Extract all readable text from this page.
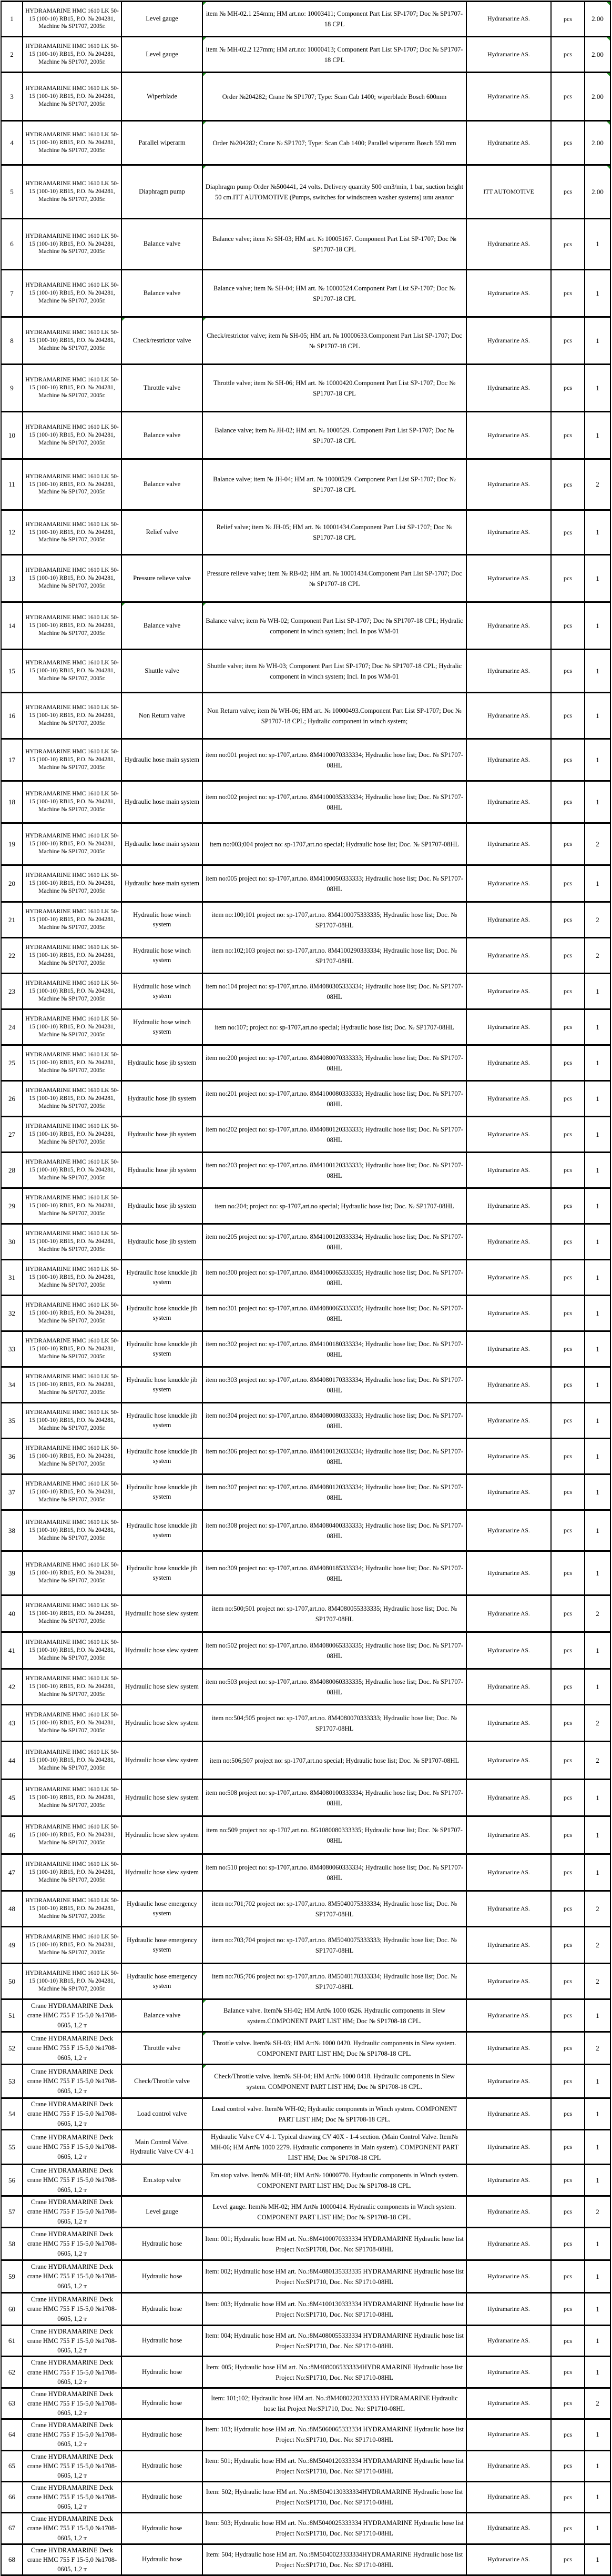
1	HYDRAMARINE HMC 1610 LK 50-15 (100-10) RB15, P.O. № 204281, Machine № SP1707, 2005г.	Level gauge	item № MH-02.1 254mm; HM art.no: 10003411; Component Part List SP-1707; Doc № SP1707-18 CPL	Hydramarine AS.	pcs	2.00

2	HYDRAMARINE HMC 1610 LK 50-15 (100-10) RB15, P.O. № 204281, Machine № SP1707, 2005г.	Level gauge	item № MH-02.2 127mm; HM art.no: 10000413; Component Part List SP-1707; Doc № SP1707-18 CPL	Hydramarine AS.	pcs	2.00

3	HYDRAMARINE HMC 1610 LK 50-15 (100-10) RB15, P.O. № 204281, Machine № SP1707, 2005г.	Wiperblade	Order №204282; Crane № SP1707; Type: Scan Cab 1400; wiperblade Bosch 600mm	Hydramarine AS.	pcs	2.00

4	HYDRAMARINE HMC 1610 LK 50-15 (100-10) RB15, P.O. № 204281, Machine № SP1707, 2005г.	Parallel wiperarm	Order №204282; Crane № SP1707; Type: Scan Cab 1400; Parallel wiperarm Bosch 550 mm	Hydramarine AS.	pcs	2.00

5	HYDRAMARINE HMC 1610 LK 50-15 (100-10) RB15, P.O. № 204281, Machine № SP1707, 2005г.	Diaphragm pump	Diaphragm pump Order №500441, 24 volts. Delivery quantity 500 cm3/min, 1 bar, suction height 50 cm.ITT AUTOMOTIVE (Pumps, switches for windscreen washer systems) или аналог	ITT AUTOMOTIVE	pcs	2.00

6	HYDRAMARINE HMC 1610 LK 50-15 (100-10) RB15, P.O. № 204281, Machine № SP1707, 2005г.	Balance valve	Balance valve; item № SH-03; HM art. № 10005167. Component Part List SP-1707; Doc № SP1707-18 CPL	Hydramarine AS.	pcs	1
7	HYDRAMARINE HMC 1610 LK 50-15 (100-10) RB15, P.O. № 204281, Machine № SP1707, 2005г.	Balance valve	Balance valve; item № SH-04; HM art. № 10000524.Component Part List SP-1707; Doc № SP1707-18 CPL	Hydramarine AS.	pcs	1
8	HYDRAMARINE HMC 1610 LK 50-15 (100-10) RB15, P.O. № 204281, Machine № SP1707, 2005г.	Check/restrictor valve	Check/restrictor valve; item № SH-05; HM art. № 10000633.Component Part List SP-1707; Doc № SP1707-18 CPL	Hydramarine AS.	pcs	1
9	HYDRAMARINE HMC 1610 LK 50-15 (100-10) RB15, P.O. № 204281, Machine № SP1707, 2005г.	Throttle valve	Throttle valve; item № SH-06; HM art. № 10000420.Component Part List SP-1707; Doc № SP1707-18 CPL	Hydramarine AS.	pcs	1
10	HYDRAMARINE HMC 1610 LK 50-15 (100-10) RB15, P.O. № 204281, Machine № SP1707, 2005г.	Balance valve	Balance valve; item № JH-02; HM art. № 1000529. Component Part List SP-1707; Doc № SP1707-18 CPL	Hydramarine AS.	pcs	1
11	HYDRAMARINE HMC 1610 LK 50-15 (100-10) RB15, P.O. № 204281, Machine № SP1707, 2005г.	Balance valve	Balance valve; item № JH-04; HM art. № 10000529. Component Part List SP-1707; Doc № SP1707-18 CPL	Hydramarine AS.	pcs	2
12	HYDRAMARINE HMC 1610 LK 50-15 (100-10) RB15, P.O. № 204281, Machine № SP1707, 2005г.	Relief valve	Relief valve; item № JH-05; HM art. № 10001434.Component Part List SP-1707; Doc № SP1707-18 CPL	Hydramarine AS.	pcs	1
13	HYDRAMARINE HMC 1610 LK 50-15 (100-10) RB15, P.O. № 204281, Machine № SP1707, 2005г.	Pressure relieve valve	Pressure relieve valve; item № RB-02; HM art. № 10001434.Component Part List SP-1707; Doc № SP1707-18 CPL	Hydramarine AS.	pcs	1
14	HYDRAMARINE HMC 1610 LK 50-15 (100-10) RB15, P.O. № 204281, Machine № SP1707, 2005г.	Balance valve	Balance valve; item № WH-02; Component Part List SP-1707; Doc № SP1707-18 CPL; Hydralic component in winch system; Incl. In pos WM-01	Hydramarine AS.	pcs	1
15	HYDRAMARINE HMC 1610 LK 50-15 (100-10) RB15, P.O. № 204281, Machine № SP1707, 2005г.	Shuttle valve	Shuttle valve; item № WH-03; Component Part List SP-1707; Doc № SP1707-18 CPL; Hydralic component in winch system; Incl. In pos WM-01	Hydramarine AS.	pcs	1
16	HYDRAMARINE HMC 1610 LK 50-15 (100-10) RB15, P.O. № 204281, Machine № SP1707, 2005г.	Non Return valve	Non Return valve; item № WH-06; HM art. № 10000493.Component Part List SP-1707; Doc № SP1707-18 CPL; Hydralic component in winch system;	Hydramarine AS.	pcs	1
17	HYDRAMARINE HMC 1610 LK 50-15 (100-10) RB15, P.O. № 204281, Machine № SP1707, 2005г.	Hydraulic hose main system	item no:001 project no: sp-1707,art.no. 8M4100070333334; Hydraulic hose list; Doc. № SP1707-08HL	Hydramarine AS.	pcs	1
18	HYDRAMARINE HMC 1610 LK 50-15 (100-10) RB15, P.O. № 204281, Machine № SP1707, 2005г.	Hydraulic hose main system	item no:002 project no: sp-1707,art.no. 8M4100035333334; Hydraulic hose list; Doc. № SP1707-08HL	Hydramarine AS.	pcs	1
19	HYDRAMARINE HMC 1610 LK 50-15 (100-10) RB15, P.O. № 204281, Machine № SP1707, 2005г.	Hydraulic hose main system	item no:003;004 project no: sp-1707,art.no special; Hydraulic hose list; Doc. № SP1707-08HL	Hydramarine AS.	pcs	2
20	HYDRAMARINE HMC 1610 LK 50-15 (100-10) RB15, P.O. № 204281, Machine № SP1707, 2005г.	Hydraulic hose main system	item no:005 project no: sp-1707,art.no. 8M4100050333333; Hydraulic hose list; Doc. № SP1707-08HL	Hydramarine AS.	pcs	1
21	HYDRAMARINE HMC 1610 LK 50-15 (100-10) RB15, P.O. № 204281, Machine № SP1707, 2005г.	Hydraulic hose winch system	item no:100;101 project no: sp-1707,art.no. 8M4100075333335; Hydraulic hose list; Doc. № SP1707-08HL	Hydramarine AS.	pcs	2
22	HYDRAMARINE HMC 1610 LK 50-15 (100-10) RB15, P.O. № 204281, Machine № SP1707, 2005г.	Hydraulic hose winch system	item no:102;103 project no: sp-1707,art.no. 8M4100290333334; Hydraulic hose list; Doc. № SP1707-08HL	Hydramarine AS.	pcs	2
23	HYDRAMARINE HMC 1610 LK 50-15 (100-10) RB15, P.O. № 204281, Machine № SP1707, 2005г.	Hydraulic hose winch system	item no:104 project no: sp-1707,art.no. 8M4080305333334; Hydraulic hose list; Doc. № SP1707-08HL	Hydramarine AS.	pcs	1
24	HYDRAMARINE HMC 1610 LK 50-15 (100-10) RB15, P.O. № 204281, Machine № SP1707, 2005г.	Hydraulic hose winch system	item no:107; project no: sp-1707,art.no special; Hydraulic hose list; Doc. № SP1707-08HL	Hydramarine AS.	pcs	1
25	HYDRAMARINE HMC 1610 LK 50-15 (100-10) RB15, P.O. № 204281, Machine № SP1707, 2005г.	Hydraulic hose jib system	item no:200 project no: sp-1707,art.no. 8M4080070333333; Hydraulic hose list; Doc. № SP1707-08HL	Hydramarine AS.	pcs	1
26	HYDRAMARINE HMC 1610 LK 50-15 (100-10) RB15, P.O. № 204281, Machine № SP1707, 2005г.	Hydraulic hose jib system	item no:201 project no: sp-1707,art.no. 8M4100080333333; Hydraulic hose list; Doc. № SP1707-08HL	Hydramarine AS.	pcs	1
27	HYDRAMARINE HMC 1610 LK 50-15 (100-10) RB15, P.O. № 204281, Machine № SP1707, 2005г.	Hydraulic hose jib system	item no:202 project no: sp-1707,art.no. 8M4080120333333; Hydraulic hose list; Doc. № SP1707-08HL	Hydramarine AS.	pcs	1
28	HYDRAMARINE HMC 1610 LK 50-15 (100-10) RB15, P.O. № 204281, Machine № SP1707, 2005г.	Hydraulic hose jib system	item no:203 project no: sp-1707,art.no. 8M4100120333333; Hydraulic hose list; Doc. № SP1707-08HL	Hydramarine AS.	pcs	1
29	HYDRAMARINE HMC 1610 LK 50-15 (100-10) RB15, P.O. № 204281, Machine № SP1707, 2005г.	Hydraulic hose jib system	item no:204; project no: sp-1707,art.no special; Hydraulic hose list; Doc. № SP1707-08HL	Hydramarine AS.	pcs	1
30	HYDRAMARINE HMC 1610 LK 50-15 (100-10) RB15, P.O. № 204281, Machine № SP1707, 2005г.	Hydraulic hose jib system	item no:205 project no: sp-1707,art.no. 8M4100120333334; Hydraulic hose list; Doc. № SP1707-08HL	Hydramarine AS.	pcs	1
31	HYDRAMARINE HMC 1610 LK 50-15 (100-10) RB15, P.O. № 204281, Machine № SP1707, 2005г.	Hydraulic hose knuckle jib system	item no:300 project no: sp-1707,art.no. 8M4100065333335; Hydraulic hose list; Doc. № SP1707-08HL	Hydramarine AS.	pcs	1
32	HYDRAMARINE HMC 1610 LK 50-15 (100-10) RB15, P.O. № 204281, Machine № SP1707, 2005г.	Hydraulic hose knuckle jib system	item no:301 project no: sp-1707,art.no. 8M4080065333335; Hydraulic hose list; Doc. № SP1707-08HL	Hydramarine AS.	pcs	1
33	HYDRAMARINE HMC 1610 LK 50-15 (100-10) RB15, P.O. № 204281, Machine № SP1707, 2005г.	Hydraulic hose knuckle jib system	item no:302 project no: sp-1707,art.no. 8M4100180333334; Hydraulic hose list; Doc. № SP1707-08HL	Hydramarine AS.	pcs	1
34	HYDRAMARINE HMC 1610 LK 50-15 (100-10) RB15, P.O. № 204281, Machine № SP1707, 2005г.	Hydraulic hose knuckle jib system	item no:303 project no: sp-1707,art.no. 8M4080170333334; Hydraulic hose list; Doc. № SP1707-08HL	Hydramarine AS.	pcs	1
35	HYDRAMARINE HMC 1610 LK 50-15 (100-10) RB15, P.O. № 204281, Machine № SP1707, 2005г.	Hydraulic hose knuckle jib system	item no:304 project no: sp-1707,art.no. 8M4080080333333; Hydraulic hose list; Doc. № SP1707-08HL	Hydramarine AS.	pcs	1
36	HYDRAMARINE HMC 1610 LK 50-15 (100-10) RB15, P.O. № 204281, Machine № SP1707, 2005г.	Hydraulic hose knuckle jib system	item no:306 project no: sp-1707,art.no. 8M4100120333334; Hydraulic hose list; Doc. № SP1707-08HL	Hydramarine AS.	pcs	1
37	HYDRAMARINE HMC 1610 LK 50-15 (100-10) RB15, P.O. № 204281, Machine № SP1707, 2005г.	Hydraulic hose knuckle jib system	item no:307 project no: sp-1707,art.no. 8M4080120333334; Hydraulic hose list; Doc. № SP1707-08HL	Hydramarine AS.	pcs	1
38	HYDRAMARINE HMC 1610 LK 50-15 (100-10) RB15, P.O. № 204281, Machine № SP1707, 2005г.	Hydraulic hose knuckle jib system	item no:308 project no: sp-1707,art.no. 8M4080400333333; Hydraulic hose list; Doc. № SP1707-08HL	Hydramarine AS.	pcs	1
39	HYDRAMARINE HMC 1610 LK 50-15 (100-10) RB15, P.O. № 204281, Machine № SP1707, 2005г.	Hydraulic hose knuckle jib system	item no:309 project no: sp-1707,art.no. 8M4080185333334; Hydraulic hose list; Doc. № SP1707-08HL	Hydramarine AS.	pcs	1
40	HYDRAMARINE HMC 1610 LK 50-15 (100-10) RB15, P.O. № 204281, Machine № SP1707, 2005г.	Hydraulic hose slew system	item no:500;501 project no: sp-1707,art.no. 8M4080055333335; Hydraulic hose list; Doc. № SP1707-08HL	Hydramarine AS.	pcs	2
41	HYDRAMARINE HMC 1610 LK 50-15 (100-10) RB15, P.O. № 204281, Machine № SP1707, 2005г.	Hydraulic hose slew system	item no:502 project no: sp-1707,art.no. 8M4080065333335; Hydraulic hose list; Doc. № SP1707-08HL	Hydramarine AS.	pcs	1
42	HYDRAMARINE HMC 1610 LK 50-15 (100-10) RB15, P.O. № 204281, Machine № SP1707, 2005г.	Hydraulic hose slew system	item no:503 project no: sp-1707,art.no. 8M4080060333335; Hydraulic hose list; Doc. № SP1707-08HL	Hydramarine AS.	pcs	1
43	HYDRAMARINE HMC 1610 LK 50-15 (100-10) RB15, P.O. № 204281, Machine № SP1707, 2005г.	Hydraulic hose slew system	item no:504;505 project no: sp-1707,art.no. 8M4080070333333; Hydraulic hose list; Doc. № SP1707-08HL	Hydramarine AS.	pcs	2
44	HYDRAMARINE HMC 1610 LK 50-15 (100-10) RB15, P.O. № 204281, Machine № SP1707, 2005г.	Hydraulic hose slew system	item no:506;507 project no: sp-1707,art.no special; Hydraulic hose list; Doc. № SP1707-08HL	Hydramarine AS.	pcs	2
45	HYDRAMARINE HMC 1610 LK 50-15 (100-10) RB15, P.O. № 204281, Machine № SP1707, 2005г.	Hydraulic hose slew system	item no:508 project no: sp-1707,art.no. 8M4080100333334; Hydraulic hose list; Doc. № SP1707-08HL	Hydramarine AS.	pcs	1
46	HYDRAMARINE HMC 1610 LK 50-15 (100-10) RB15, P.O. № 204281, Machine № SP1707, 2005г.	Hydraulic hose slew system	item no:509 project no: sp-1707,art.no. 8G1080080333335; Hydraulic hose list; Doc. № SP1707-08HL	Hydramarine AS.	pcs	1
47	HYDRAMARINE HMC 1610 LK 50-15 (100-10) RB15, P.O. № 204281, Machine № SP1707, 2005г.	Hydraulic hose slew system	item no:510 project no: sp-1707,art.no. 8M4080060333334; Hydraulic hose list; Doc. № SP1707-08HL	Hydramarine AS.	pcs	1
48	HYDRAMARINE HMC 1610 LK 50-15 (100-10) RB15, P.O. № 204281, Machine № SP1707, 2005г.	Hydraulic hose emergency system	item no:701;702 project no: sp-1707,art.no. 8M5040075333334; Hydraulic hose list; Doc. № SP1707-08HL	Hydramarine AS.	pcs	2
49	HYDRAMARINE HMC 1610 LK 50-15 (100-10) RB15, P.O. № 204281, Machine № SP1707, 2005г.	Hydraulic hose emergency system	item no:703;704 project no: sp-1707,art.no. 8M5040075333333; Hydraulic hose list; Doc. № SP1707-08HL	Hydramarine AS.	pcs	2
50	HYDRAMARINE HMC 1610 LK 50-15 (100-10) RB15, P.O. № 204281, Machine № SP1707, 2005г.	Hydraulic hose emergency system	item no:705;706 project no: sp-1707,art.no. 8M5040170333334; Hydraulic hose list; Doc. № SP1707-08HL	Hydramarine AS.	pcs	2
51	Crane HYDRAMARINE Deck crane HMC 755 F 15-5,0 №1708-0605, 1,2 т	Balance valve	Balance valve. Item№ SH-02; HM Art№ 1000 0526. Hydraulic components in Slew system.COMPONENT PART LIST HM; Doc № SP1708-18 CPL.	Hydramarine AS.	pcs	1
52	Crane HYDRAMARINE Deck crane HMC 755 F 15-5,0 №1708-0605, 1,2 т	Throttle valve	Throttle valve. Item№ SH-03; HM Art№ 1000 0420. Hydraulic components in Slew system. COMPONENT PART LIST HM; Doc № SP1708-18 CPL.	Hydramarine AS.	pcs	2
53	Crane HYDRAMARINE Deck crane HMC 755 F 15-5,0 №1708-0605, 1,2 т	Check/Throttle valve	Check/Throttle valve. Item№ SH-04; HM Art№ 1000 0418. Hydraulic components in Slew system. COMPONENT PART LIST HM; Doc № SP1708-18 CPL.	Hydramarine AS.	pcs	1
54	Crane HYDRAMARINE Deck crane HMC 755 F 15-5,0 №1708-0605, 1,2 т	Load control valve	Load control valve. Item№ WH-02; Hydraulic components in Winch system. COMPONENT PART LIST HM; Doc № SP1708-18 CPL.	Hydramarine AS.	pcs	1
55	Crane HYDRAMARINE Deck crane HMC 755 F 15-5,0 №1708-0605, 1,2 т	Main Control Valve. Hydraulic Valve CV 4-1	Hydraulic Valve CV 4-1. Typical drawing CV 40X - 1-4 section. (Main Control Valve. Item№ MH-06; HM Art№ 1000 2279. Hydraulic components in Main system). COMPONENT PART LIST HM; Doc № SP1708-18 CPL	Hydramarine AS.	pcs	1
56	Crane HYDRAMARINE Deck crane HMC 755 F 15-5,0 №1708-0605, 1,2 т	Em.stop valve	Em.stop valve. Item№ MH-08; HM Art№ 10000770. Hydraulic components in Winch system. COMPONENT PART LIST HM; Doc № SP1708-18 CPL.	Hydramarine AS.	pcs	1
57	Crane HYDRAMARINE Deck crane HMC 755 F 15-5,0 №1708-0605, 1,2 т	Level gauge	Level gauge. Item№ MH-02; HM Art№ 10000414. Hydraulic components in Winch system. COMPONENT PART LIST HM; Doc № SP1708-18 CPL.	Hydramarine AS.	pcs	2
58	Crane HYDRAMARINE Deck crane HMC 755 F 15-5,0 №1708-0605, 1,2 т	Hydraulic hose	Item: 001; Hydraulic hose HM art. No.:8M4100070333334 HYDRAMARINE Hydraulic hose list Project No:SP1708, Doc. No: SP1708-08HL	Hydramarine AS.	pcs	1
59	Crane HYDRAMARINE Deck crane HMC 755 F 15-5,0 №1708-0605, 1,2 т	Hydraulic hose	Item: 002; Hydraulic hose HM art. No.:8M4080135333335 HYDRAMARINE Hydraulic hose list Project No:SP1710, Doc. No: SP1710-08HL	Hydramarine AS.	pcs	1
60	Crane HYDRAMARINE Deck crane HMC 755 F 15-5,0 №1708-0605, 1,2 т	Hydraulic hose	Item: 003; Hydraulic hose HM art. No.:8M4100130333334 HYDRAMARINE Hydraulic hose list Project No:SP1710, Doc. No: SP1710-08HL	Hydramarine AS.	pcs	1
61	Crane HYDRAMARINE Deck crane HMC 755 F 15-5,0 №1708-0605, 1,2 т	Hydraulic hose	Item: 004; Hydraulic hose HM art. No.:8M4080055333334 HYDRAMARINE Hydraulic hose list Project No:SP1710, Doc. No: SP1710-08HL	Hydramarine AS.	pcs	1
62	Crane HYDRAMARINE Deck crane HMC 755 F 15-5,0 №1708-0605, 1,2 т	Hydraulic hose	Item: 005; Hydraulic hose HM art. No.:8M4080065333334HYDRAMARINE Hydraulic hose list Project No:SP1710, Doc. No: SP1710-08HL	Hydramarine AS.	pcs	1
63	Crane HYDRAMARINE Deck crane HMC 755 F 15-5,0 №1708-0605, 1,2 т	Hydraulic hose	Item: 101;102; Hydraulic hose HM art. No.:8M4080220333333 HYDRAMARINE Hydraulic hose list Project No:SP1710, Doc. No: SP1710-08HL	Hydramarine AS.	pcs	2
64	Crane HYDRAMARINE Deck crane HMC 755 F 15-5,0 №1708-0605, 1,2 т	Hydraulic hose	Item: 103; Hydraulic hose HM art. No.:8M5060065333334 HYDRAMARINE Hydraulic hose list Project No:SP1710, Doc. No: SP1710-08HL	Hydramarine AS.	pcs	1
65	Crane HYDRAMARINE Deck crane HMC 755 F 15-5,0 №1708-0605, 1,2 т	Hydraulic hose	Item: 501; Hydraulic hose HM art. No.:8M5040120333334 HYDRAMARINE Hydraulic hose list Project No:SP1710, Doc. No: SP1710-08HL	Hydramarine AS.	pcs	1
66	Crane HYDRAMARINE Deck crane HMC 755 F 15-5,0 №1708-0605, 1,2 т	Hydraulic hose	Item: 502; Hydraulic hose HM art. No.:8M5040130333334HYDRAMARINE Hydraulic hose list Project No:SP1710, Doc. No: SP1710-08HL	Hydramarine AS.	pcs	1
67	Crane HYDRAMARINE Deck crane HMC 755 F 15-5,0 №1708-0605, 1,2 т	Hydraulic hose	Item: 503; Hydraulic hose HM art. No.:8M5040025333334 HYDRAMARINE Hydraulic hose list Project No:SP1710, Doc. No: SP1710-08HL	Hydramarine AS.	pcs	1
68	Crane HYDRAMARINE Deck crane HMC 755 F 15-5,0 №1708-0605, 1,2 т	Hydraulic hose	Item: 504; Hydraulic hose HM art. No.:8M5040023333334HYDRAMARINE Hydraulic hose list Project No:SP1710, Doc. No: SP1710-08HL	Hydramarine AS.	pcs	1
